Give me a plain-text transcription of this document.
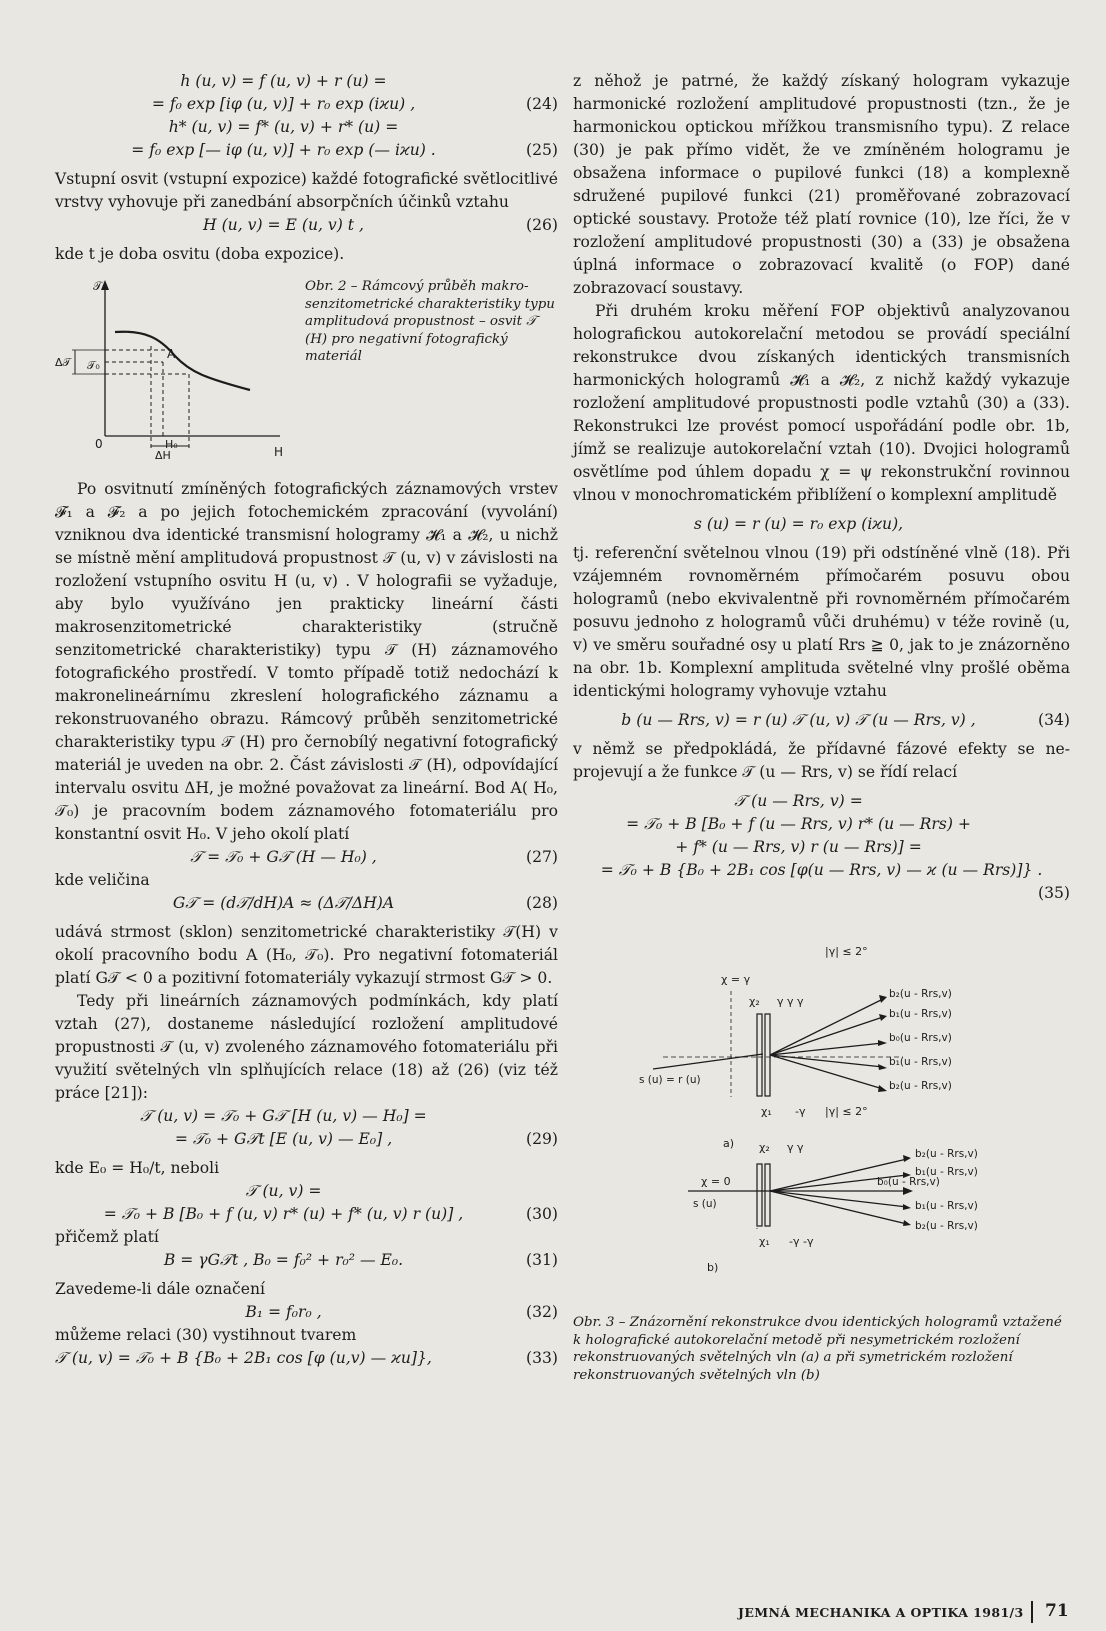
h (u, v) = f (u, v) + r (u) =
= f₀ exp [iφ (u, v)] + r₀ exp (iϰu) ,	(24)
h* (u, v) = f* (u, v) + r* (u) =
= f₀ exp [— iφ (u, v)] + r₀ exp (— iϰu) .	(25)

Vstupní osvit (vstupní expozice) každé fotografické světlocitlivé vrstvy vyhovuje při zanedbání absorpčních účinků vztahu

H (u, v) = E (u, v) t ,	(26)

kde t je doba osvitu (doba expozice).

𝒯
H
0
A
𝒯₀
Δ𝒯
H₀
ΔH
Obr. 2 – Rámcový průběh makrosenzitometrické charakteristiky typu amplitudová propustnost – osvit 𝒯 (H) pro negativní fotografický materiál

Po osvitnutí zmíněných fotografických záznamových vrstev 𝓕₁ a 𝓕₂ a po jejich fotochemickém zpracování (vyvolání) vzniknou dva identické transmisní hologramy 𝓗₁ a 𝓗₂, u nichž se místně mění amplitudová propustnost 𝒯 (u, v) v závislosti na rozložení vstupního osvitu H (u, v) . V holografii se vyžaduje, aby bylo využíváno jen prakticky lineární části makrosenzitometrické charakteristiky (stručně senzitometrické charakteristiky) typu 𝒯 (H) záznamového fotografického prostředí. V tomto případě totiž nedochází k makronelineárnímu zkreslení holografického záznamu a rekonstruovaného obrazu. Rámcový průběh senzitometrické charakteristiky typu 𝒯 (H) pro černobílý negativní fotografický materiál je uveden na obr. 2. Část závislosti 𝒯 (H), odpovídající intervalu osvitu ΔH, je možné považovat za lineární. Bod A( H₀, 𝒯₀) je pracovním bodem záznamového fotomateriálu pro konstantní osvit H₀. V jeho okolí platí

𝒯 = 𝒯₀ + G𝒯 (H — H₀) ,	(27)

kde veličina

G𝒯 = (d𝒯/dH)A ≈ (Δ𝒯/ΔH)A	(28)

udává strmost (sklon) senzitometrické charakteristiky 𝒯(H) v okolí pracovního bodu A (H₀, 𝒯₀). Pro negativní fotomateriál platí G𝒯 < 0 a pozitivní fotomateriály vykazují strmost G𝒯 > 0.

Tedy při lineárních záznamových podmínkách, kdy platí vztah (27), dostaneme následující rozložení amplitudové propustnosti 𝒯 (u, v) zvoleného záznamového fotomateriálu při využití světelných vln splňujících relace (18) až (26) (viz též práce [21]):

𝒯 (u, v) = 𝒯₀ + G𝒯 [H (u, v) — H₀] =
= 𝒯₀ + G𝒯t [E (u, v) — E₀] ,	(29)

kde E₀ = H₀/t, neboli

𝒯 (u, v) =
= 𝒯₀ + B [B₀ + f (u, v) r* (u) + f* (u, v) r (u)] ,	(30)

přičemž platí

B = γG𝒯t , B₀ = f₀² + r₀² — E₀.	(31)

Zavedeme-li dále označení

B₁ = f₀r₀ ,	(32)

můžeme relaci (30) vystihnout tvarem

𝒯 (u, v) = 𝒯₀ + B {B₀ + 2B₁ cos [φ (u,v) — ϰu]},	(33)

z něhož je patrné, že každý získaný hologram vykazuje harmonické rozložení amplitudové propustnosti (tzn., že je harmonickou optickou mřížkou transmisního typu). Z relace (30) je pak přímo vidět, že ve zmíněném hologramu je obsažena informace o pupilové funkci (18) a komplexně sdružené pupilové funkci (21) proměřované zobrazovací optické soustavy. Protože též platí rovnice (10), lze říci, že v rozložení amplitudové propustnosti (30) a (33) je obsažena úplná informace o zobrazovací kvalitě (o FOP) dané zobrazovací soustavy.

Při druhém kroku měření FOP objektivů analyzovanou holografickou autokorelační metodou se provádí speciální rekonstrukce dvou získaných identických transmisních harmonických hologramů 𝓗₁ a 𝓗₂, z nichž každý vykazuje rozložení amplitudové propustnosti podle vztahů (30) a (33). Rekonstrukci lze provést pomocí uspořádání podle obr. 1b, jímž se realizuje autokorelační vztah (10). Dvojici hologramů osvětlíme pod úhlem dopadu χ = ψ rekonstrukční rovinnou vlnou v monochromatickém přiblížení o komplexní amplitudě

s (u) = r (u) = r₀ exp (iϰu),

tj. referenční světelnou vlnou (19) při odstíněné vlně (18). Při vzájemném rovnoměrném přímočarém posuvu obou hologramů (nebo ekvivalentně při rovnoměrném přímočarém posuvu jednoho z hologramů vůči druhému) v téže rovině (u, v) ve směru souřadné osy u platí Rrs ≧ 0, jak to je znázorněno na obr. 1b. Komplexní amplituda světelné vlny prošlé oběma identickými hologramy vyhovuje vztahu

b (u — Rrs, v) = r (u) 𝒯 (u, v) 𝒯 (u — Rrs, v) ,	(34)

v němž se předpokládá, že přídavné fázové efekty se neprojevují a že funkce 𝒯 (u — Rrs, v) se řídí relací

𝒯 (u — Rrs, v) =
= 𝒯₀ + B [B₀ + f (u — Rrs, v) r* (u — Rrs) +
+ f* (u — Rrs, v) r (u — Rrs)] =
= 𝒯₀ + B {B₀ + 2B₁ cos [φ(u — Rrs, v) — ϰ (u — Rrs)]} .
(35)
|γ| ≤ 2°
χ = γ
χ₂ γ γ γ
χ₁ -γ
s (u) = r (u)
b₂(u - Rrs,v)
b₁(u - Rrs,v)
b₀(u - Rrs,v)
b₁(u - Rrs,v)
b₂(u - Rrs,v)
a)
|γ| ≤ 2°
χ = 0
χ₂ γ γ
χ₁ -γ -γ
s (u)
b₂(u - Rrs,v)
b₁(u - Rrs,v)
b₀(u - Rrs,v)
b₁(u - Rrs,v)
b₂(u - Rrs,v)
b)
Obr. 3 – Znázornění rekonstrukce dvou identických hologramů vztažené k holografické autokorelační metodě při nesymetrickém rozložení rekonstruovaných světelných vln (a) a při symetrickém rozložení rekonstruovaných světelných vln (b)
JEMNÁ MECHANIKA A OPTIKA 1981/3 71
